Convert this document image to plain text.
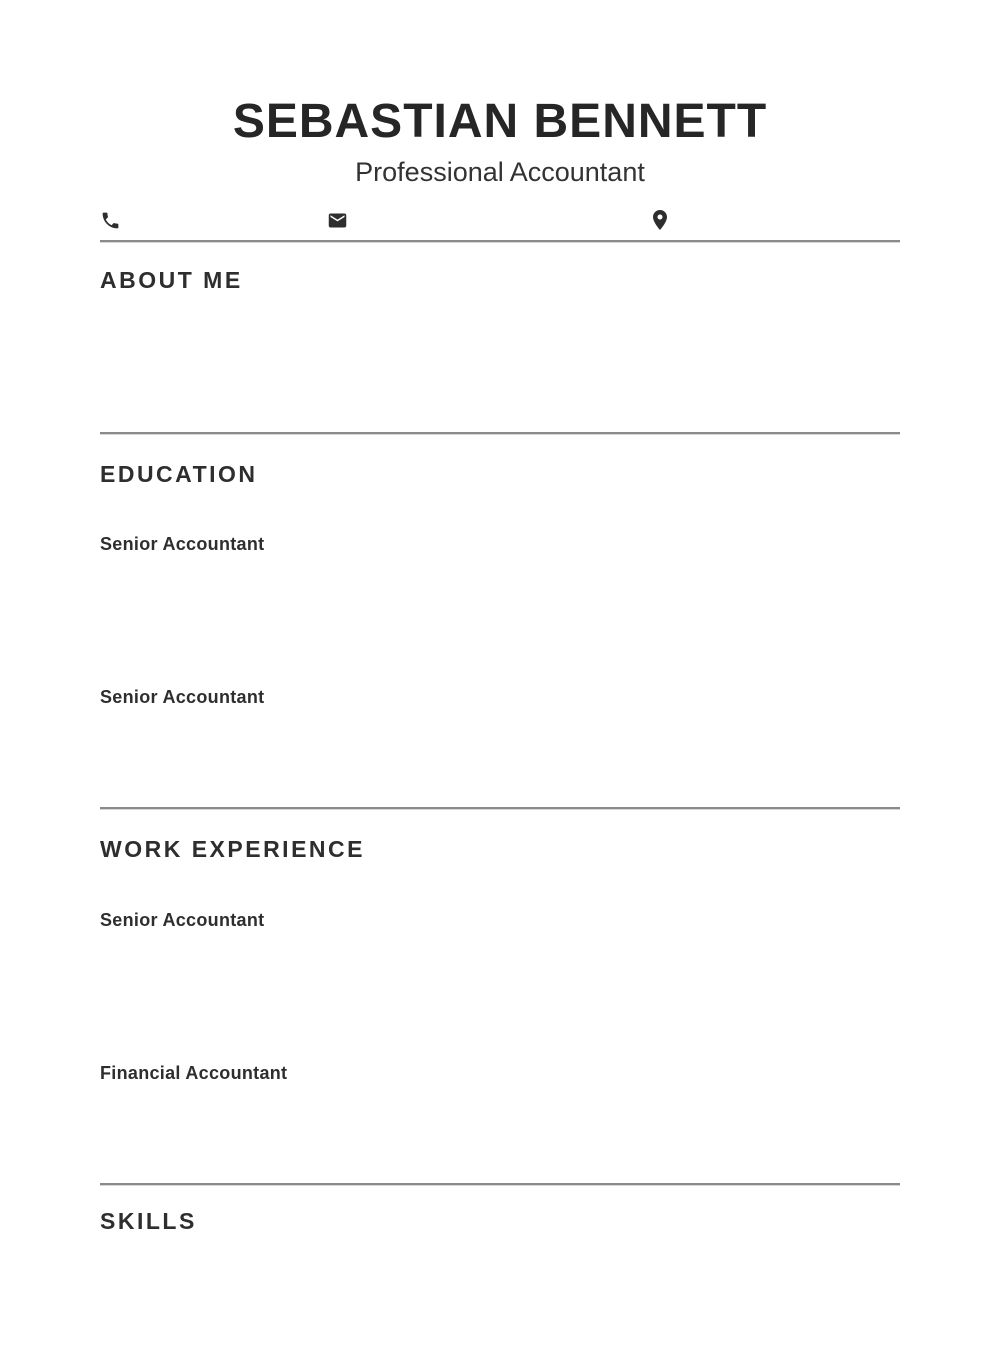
SEBASTIAN BENNETT
Professional Accountant
ABOUT ME
EDUCATION
Senior Accountant
Senior Accountant
WORK EXPERIENCE
Senior Accountant
Financial Accountant
SKILLS
